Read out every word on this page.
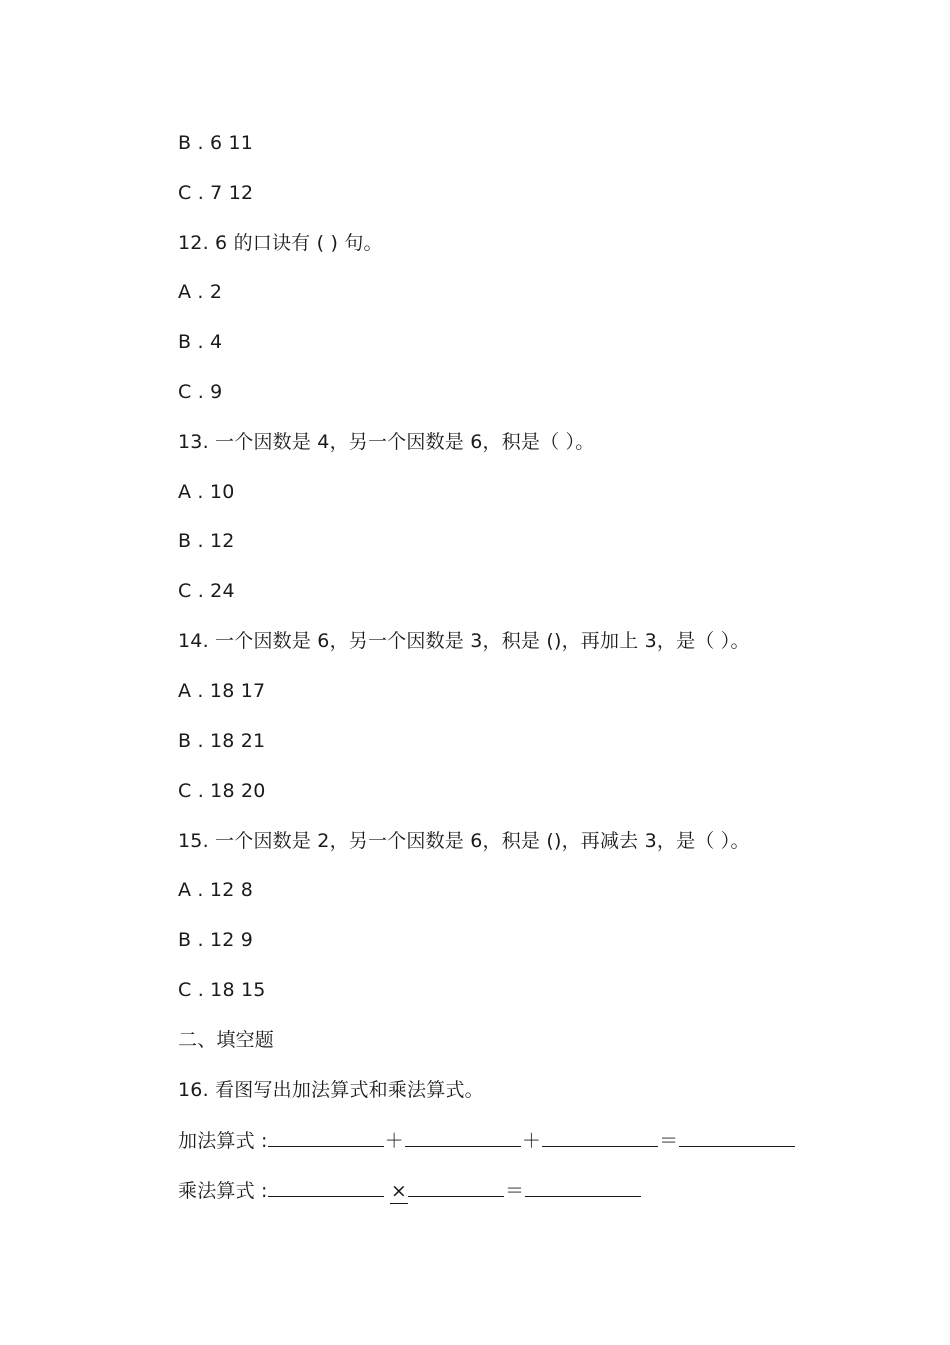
B . 6 11
C . 7 12
12. 6 的口诀有 ( ) 句。
A . 2
B . 4
C . 9
13. 一个因数是 4，另一个因数是 6，积是（ ）。
A . 10
B . 12
C . 24
14. 一个因数是 6，另一个因数是 3，积是 ()，再加上 3，是（ ）。
A . 18 17
B . 18 21
C . 18 20
15. 一个因数是 2，另一个因数是 6，积是 ()，再减去 3，是（ ）。
A . 12 8
B . 12 9
C . 18 15
二、填空题
16. 看图写出加法算式和乘法算式。
加法算式 :	＋	＋	＝
乘法算式 :	×	＝
